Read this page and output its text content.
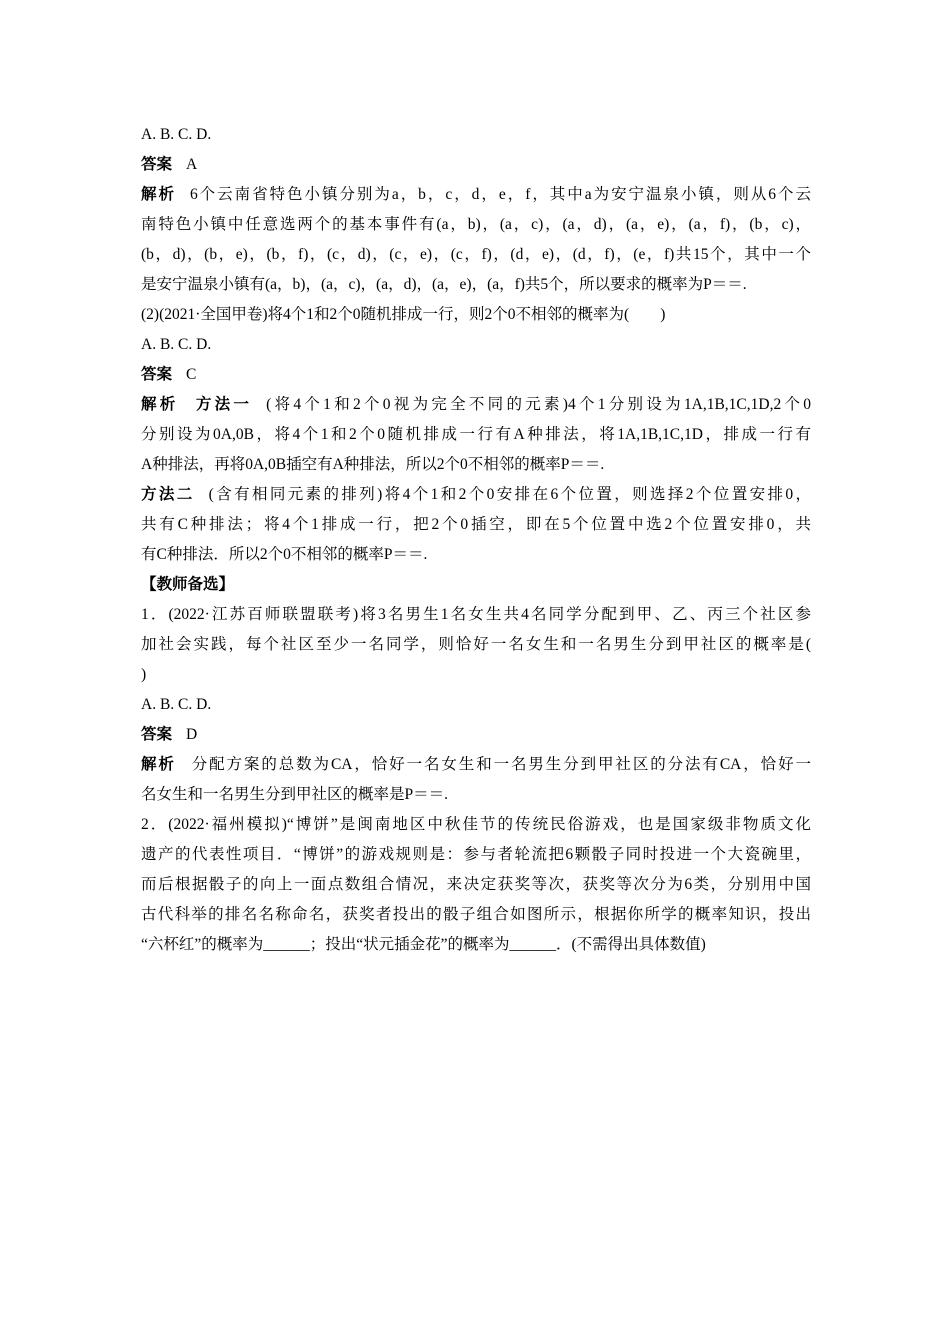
A. B. C. D.
答案 A
解析 6个云南省特色小镇分别为a，b，c，d，e，f，其中a为安宁温泉小镇，则从6个云
南特色小镇中任意选两个的基本事件有(a，b)，(a，c)，(a，d)，(a，e)，(a，f)，(b，c)，
(b，d)，(b，e)，(b，f)，(c，d)，(c，e)，(c，f)，(d，e)，(d，f)，(e，f)共15个，其中一个
是安宁温泉小镇有(a，b)，(a，c)，(a，d)，(a，e)，(a，f)共5个，所以要求的概率为P＝＝.
(2)(2021·全国甲卷)将4个1和2个0随机排成一行，则2个0不相邻的概率为(　　)
A. B. C. D.
答案 C
解析 方法一 (将4个1和2个0视为完全不同的元素)4个1分别设为1A,1B,1C,1D,2个0
分别设为0A,0B，将4个1和2个0随机排成一行有A种排法，将1A,1B,1C,1D，排成一行有
A种排法，再将0A,0B插空有A种排法，所以2个0不相邻的概率P＝＝.
方法二 (含有相同元素的排列)将4个1和2个0安排在6个位置，则选择2个位置安排0，
共有C种排法；将4个1排成一行，把2个0插空，即在5个位置中选2个位置安排0，共
有C种排法．所以2个0不相邻的概率P＝＝.
【教师备选】
1．(2022·江苏百师联盟联考)将3名男生1名女生共4名同学分配到甲、乙、丙三个社区参
加社会实践，每个社区至少一名同学，则恰好一名女生和一名男生分到甲社区的概率是(
)
A. B. C. D.
答案 D
解析 分配方案的总数为CA，恰好一名女生和一名男生分到甲社区的分法有CA，恰好一
名女生和一名男生分到甲社区的概率是P＝＝.
2．(2022·福州模拟)“博饼”是闽南地区中秋佳节的传统民俗游戏，也是国家级非物质文化
遗产的代表性项目．“博饼”的游戏规则是：参与者轮流把6颗骰子同时投进一个大瓷碗里，
而后根据骰子的向上一面点数组合情况，来决定获奖等次，获奖等次分为6类，分别用中国
古代科举的排名名称命名，获奖者投出的骰子组合如图所示，根据你所学的概率知识，投出
“六杯红”的概率为______；投出“状元插金花”的概率为______．(不需得出具体数值)
